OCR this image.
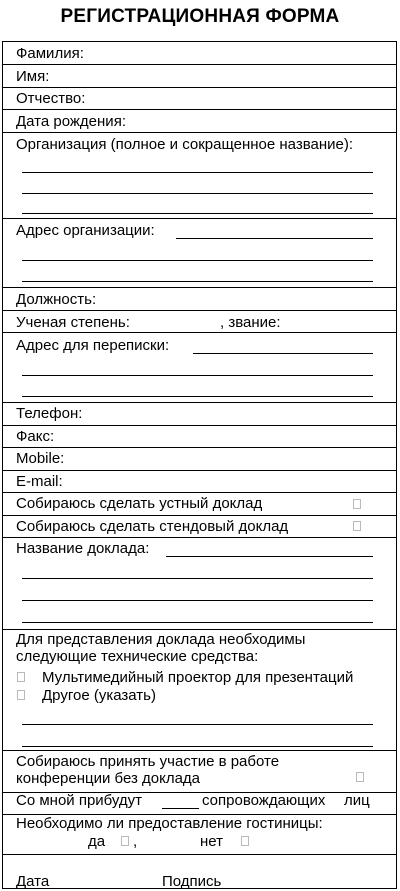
РЕГИСТРАЦИОННАЯ ФОРМА
Фамилия:
Имя:
Отчество:
Дата рождения:
Организация (полное и сокращенное название):
Адрес организации:
Должность:
Ученая степень:	, звание:
Адрес для переписки:
Телефон:
Факс:
Mobile:
E-mail:
Собираюсь сделать устный доклад
Собираюсь сделать стендовый доклад
Название доклада:
Для представления доклада необходимы
следующие технические средства:
Мультимедийный проектор для презентаций
Другое (указать)
Собираюсь принять участие в работе
конференции без доклада
Со мной прибудут	сопровождающих лиц
Необходимо ли предоставление гостиницы:
да ,	нет
Дата	Подпись
